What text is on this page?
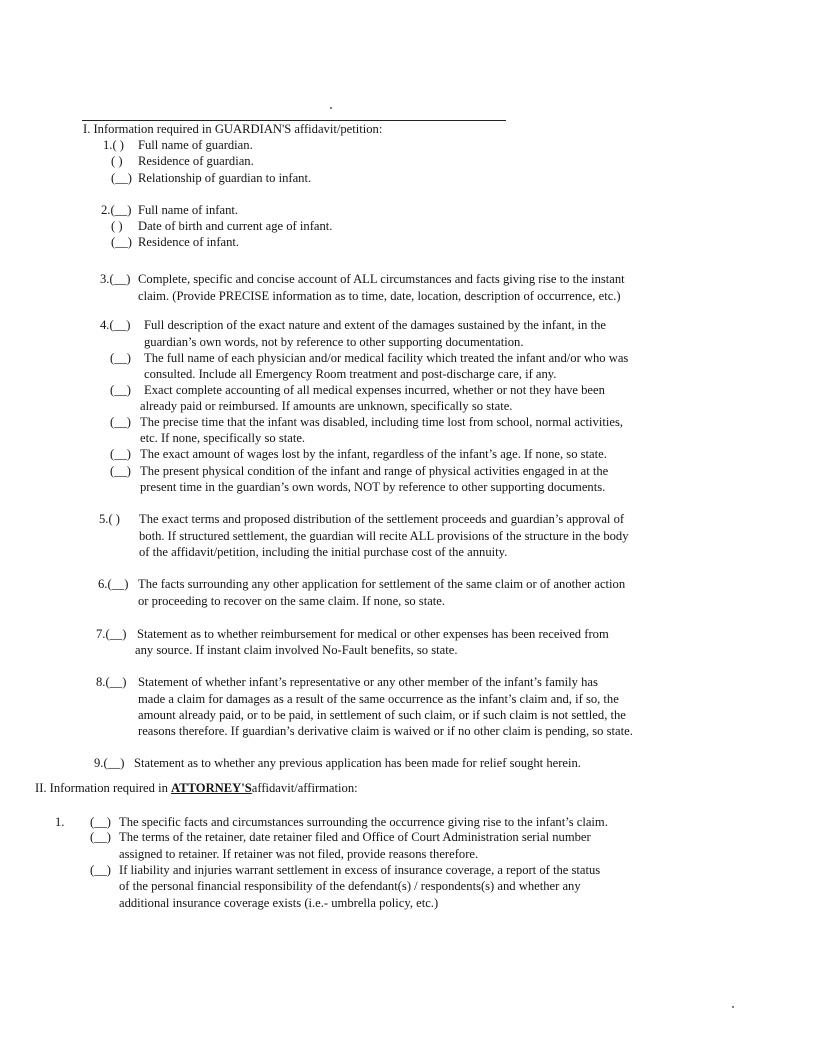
I. Information required in GUARDIAN'S affidavit/petition:
1.( ) Full name of guardian.
( ) Residence of guardian.
(__) Relationship of guardian to infant.
2.(__) Full name of infant.
( ) Date of birth and current age of infant.
(__) Residence of infant.
3.(__) Complete, specific and concise account of ALL circumstances and facts giving rise to the instant
claim. (Provide PRECISE information as to time, date, location, description of occurrence, etc.)
4.(__) Full description of the exact nature and extent of the damages sustained by the infant, in the
guardian’s own words, not by reference to other supporting documentation.
(__) The full name of each physician and/or medical facility which treated the infant and/or who was
consulted. Include all Emergency Room treatment and post-discharge care, if any.
(__) Exact complete accounting of all medical expenses incurred, whether or not they have been
already paid or reimbursed. If amounts are unknown, specifically so state.
(__) The precise time that the infant was disabled, including time lost from school, normal activities,
etc. If none, specifically so state.
(__) The exact amount of wages lost by the infant, regardless of the infant’s age. If none, so state.
(__) The present physical condition of the infant and range of physical activities engaged in at the
present time in the guardian’s own words, NOT by reference to other supporting documents.
5.( ) The exact terms and proposed distribution of the settlement proceeds and guardian’s approval of
both. If structured settlement, the guardian will recite ALL provisions of the structure in the body
of the affidavit/petition, including the initial purchase cost of the annuity.
6.(__) The facts surrounding any other application for settlement of the same claim or of another action
or proceeding to recover on the same claim. If none, so state.
7.(__) Statement as to whether reimbursement for medical or other expenses has been received from
any source. If instant claim involved No-Fault benefits, so state.
8.(__) Statement of whether infant’s representative or any other member of the infant’s family has
made a claim for damages as a result of the same occurrence as the infant’s claim and, if so, the
amount already paid, or to be paid, in settlement of such claim, or if such claim is not settled, the
reasons therefore. If guardian’s derivative claim is waived or if no other claim is pending, so state.
9.(__) Statement as to whether any previous application has been made for relief sought herein.
II. Information required in ATTORNEY'Saffidavit/affirmation:
1. (__) The specific facts and circumstances surrounding the occurrence giving rise to the infant’s claim.
(__) The terms of the retainer, date retainer filed and Office of Court Administration serial number
assigned to retainer. If retainer was not filed, provide reasons therefore.
(__) If liability and injuries warrant settlement in excess of insurance coverage, a report of the status
of the personal financial responsibility of the defendant(s) / respondents(s) and whether any
additional insurance coverage exists (i.e.- umbrella policy, etc.)
